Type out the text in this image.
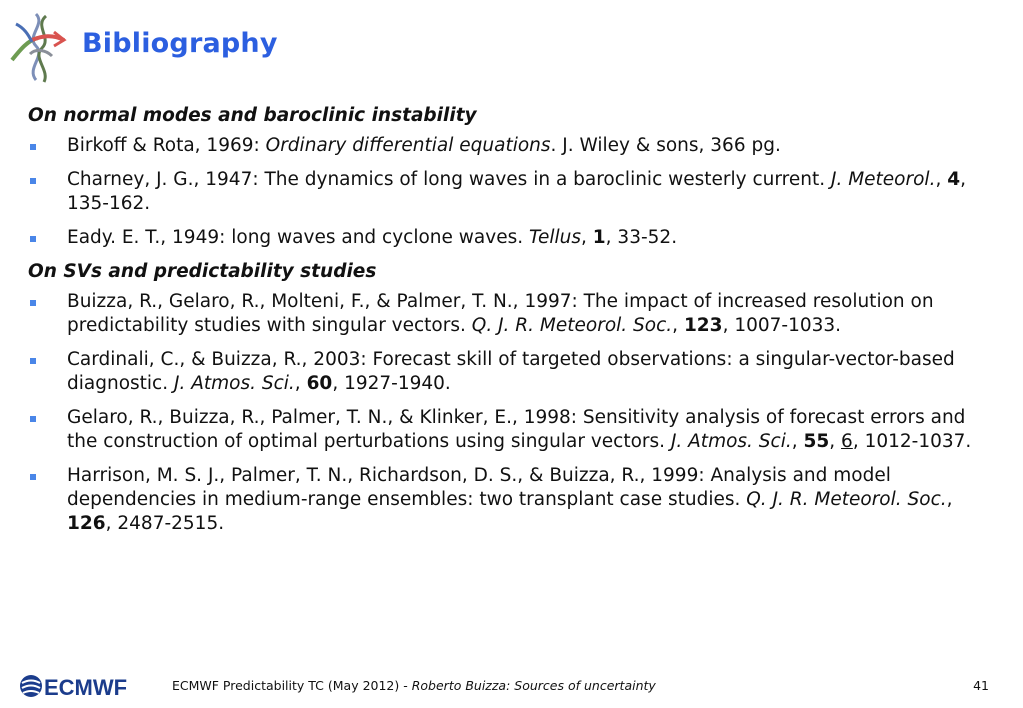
Bibliography
On normal modes and baroclinic instability
Birkoff & Rota, 1969: Ordinary differential equations. J. Wiley & sons, 366 pg.
Charney, J. G., 1947: The dynamics of long waves in a baroclinic westerly current. J. Meteorol., 4, 135-162.
Eady. E. T., 1949: long waves and cyclone waves. Tellus, 1, 33-52.
On SVs and predictability studies
Buizza, R., Gelaro, R., Molteni, F., & Palmer, T. N., 1997: The impact of increased resolution on predictability studies with singular vectors. Q. J. R. Meteorol. Soc., 123, 1007-1033.
Cardinali, C., & Buizza, R., 2003: Forecast skill of targeted observations: a singular-vector-based diagnostic. J. Atmos. Sci., 60, 1927-1940.
Gelaro, R., Buizza, R., Palmer, T. N., & Klinker, E., 1998: Sensitivity analysis of forecast errors and the construction of optimal perturbations using singular vectors. J. Atmos. Sci., 55, 6, 1012-1037.
Harrison, M. S. J., Palmer, T. N., Richardson, D. S., & Buizza, R., 1999: Analysis and model dependencies in medium-range ensembles: two transplant case studies. Q. J. R. Meteorol. Soc., 126, 2487-2515.
ECMWF	ECMWF Predictability TC (May 2012) - Roberto Buizza: Sources of uncertainty	41
